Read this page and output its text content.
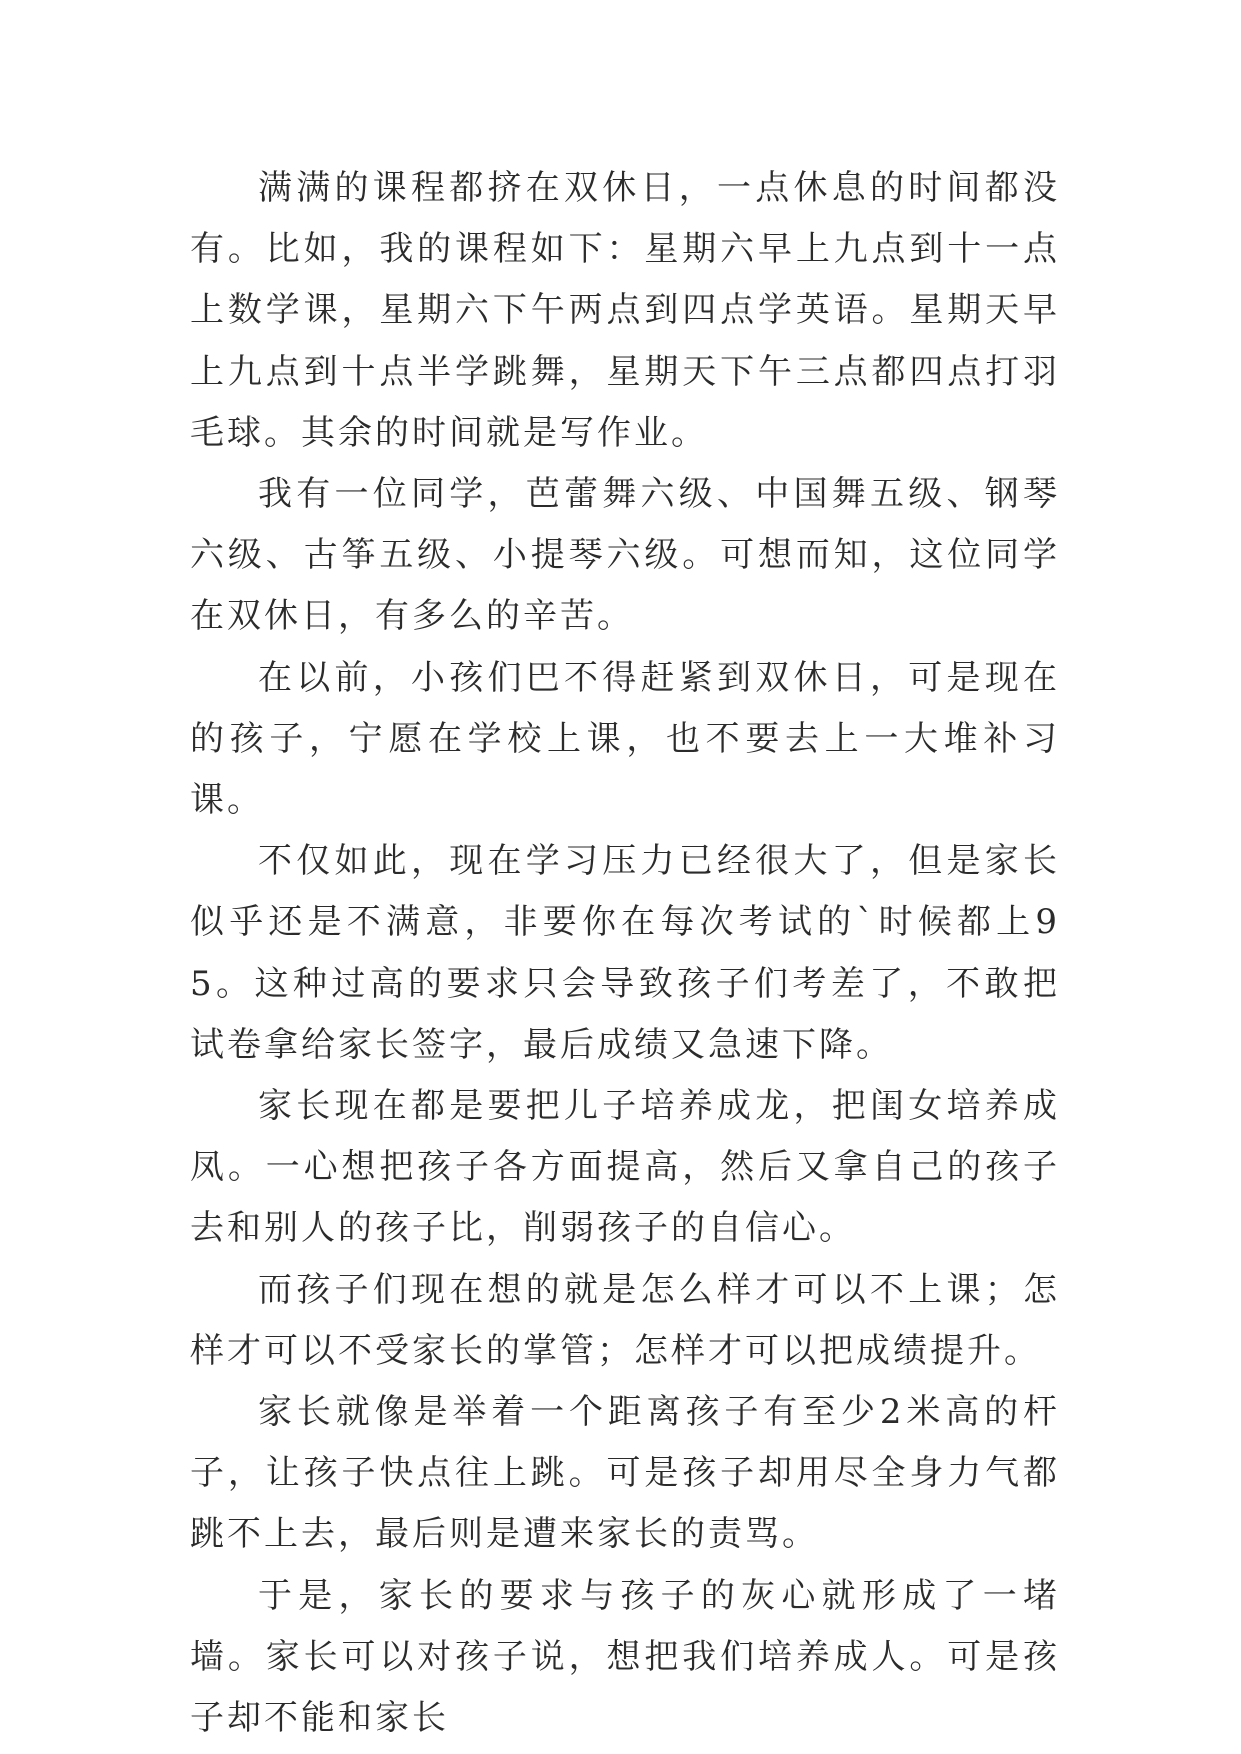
满满的课程都挤在双休日，一点休息的时间都没有。比如，我的课程如下：星期六早上九点到十一点上数学课，星期六下午两点到四点学英语。星期天早上九点到十点半学跳舞，星期天下午三点都四点打羽毛球。其余的时间就是写作业。

我有一位同学，芭蕾舞六级、中国舞五级、钢琴六级、古筝五级、小提琴六级。可想而知，这位同学在双休日，有多么的辛苦。

在以前，小孩们巴不得赶紧到双休日，可是现在的孩子，宁愿在学校上课，也不要去上一大堆补习课。

不仅如此，现在学习压力已经很大了，但是家长似乎还是不满意，非要你在每次考试的`时候都上95。这种过高的要求只会导致孩子们考差了，不敢把试卷拿给家长签字，最后成绩又急速下降。

家长现在都是要把儿子培养成龙，把闺女培养成凤。一心想把孩子各方面提高，然后又拿自己的孩子去和别人的孩子比，削弱孩子的自信心。

而孩子们现在想的就是怎么样才可以不上课；怎样才可以不受家长的掌管；怎样才可以把成绩提升。

家长就像是举着一个距离孩子有至少2米高的杆子，让孩子快点往上跳。可是孩子却用尽全身力气都跳不上去，最后则是遭来家长的责骂。

于是，家长的要求与孩子的灰心就形成了一堵墙。家长可以对孩子说，想把我们培养成人。可是孩子却不能和家长
